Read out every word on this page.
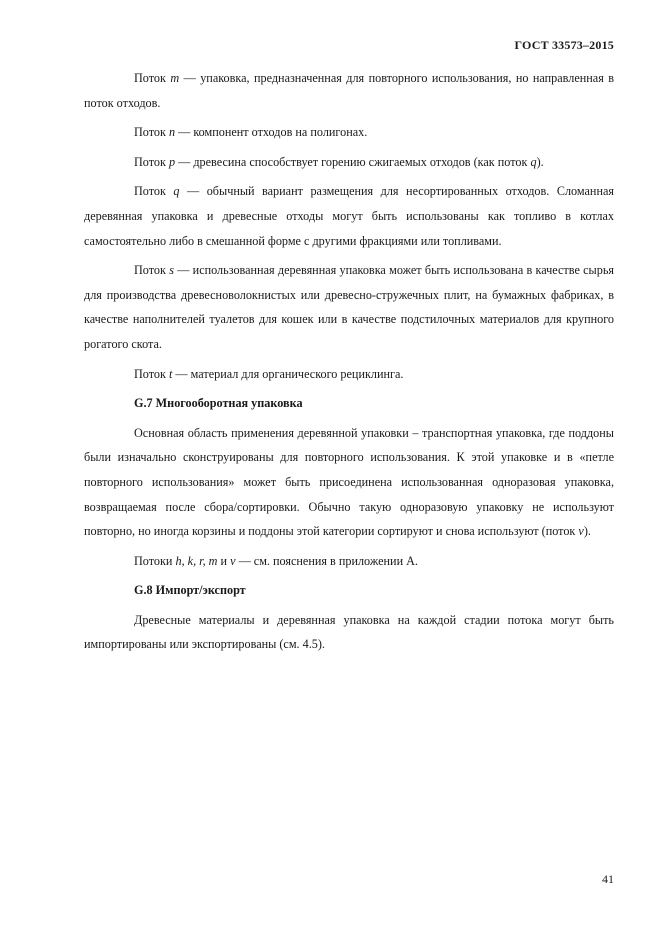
ГОСТ 33573–2015

Поток m — упаковка, предназначенная для повторного использования, но направленная в поток отходов.

Поток n — компонент отходов на полигонах.

Поток p — древесина способствует горению сжигаемых отходов (как поток q).

Поток q — обычный вариант размещения для несортированных отходов. Сломанная деревянная упаковка и древесные отходы могут быть использованы как топливо в котлах самостоятельно либо в смешанной форме с другими фракциями или топливами.

Поток s — использованная деревянная упаковка может быть использована в качестве сырья для производства древесноволокнистых или древесно-стружечных плит, на бумажных фабриках, в качестве наполнителей туалетов для кошек или в качестве подстилочных материалов для крупного рогатого скота.

Поток t — материал для органического рециклинга.

G.7 Многооборотная упаковка

Основная область применения деревянной упаковки – транспортная упаковка, где поддоны были изначально сконструированы для повторного использования. К этой упаковке и в «петле повторного использования» может быть присоединена использованная одноразовая упаковка, возвращаемая после сбора/сортировки. Обычно такую одноразовую упаковку не используют повторно, но иногда корзины и поддоны этой категории сортируют и снова используют (поток v).

Потоки h, k, r, m и v — см. пояснения в приложении А.

G.8 Импорт/экспорт

Древесные материалы и деревянная упаковка на каждой стадии потока могут быть импортированы или экспортированы (см. 4.5).

41
